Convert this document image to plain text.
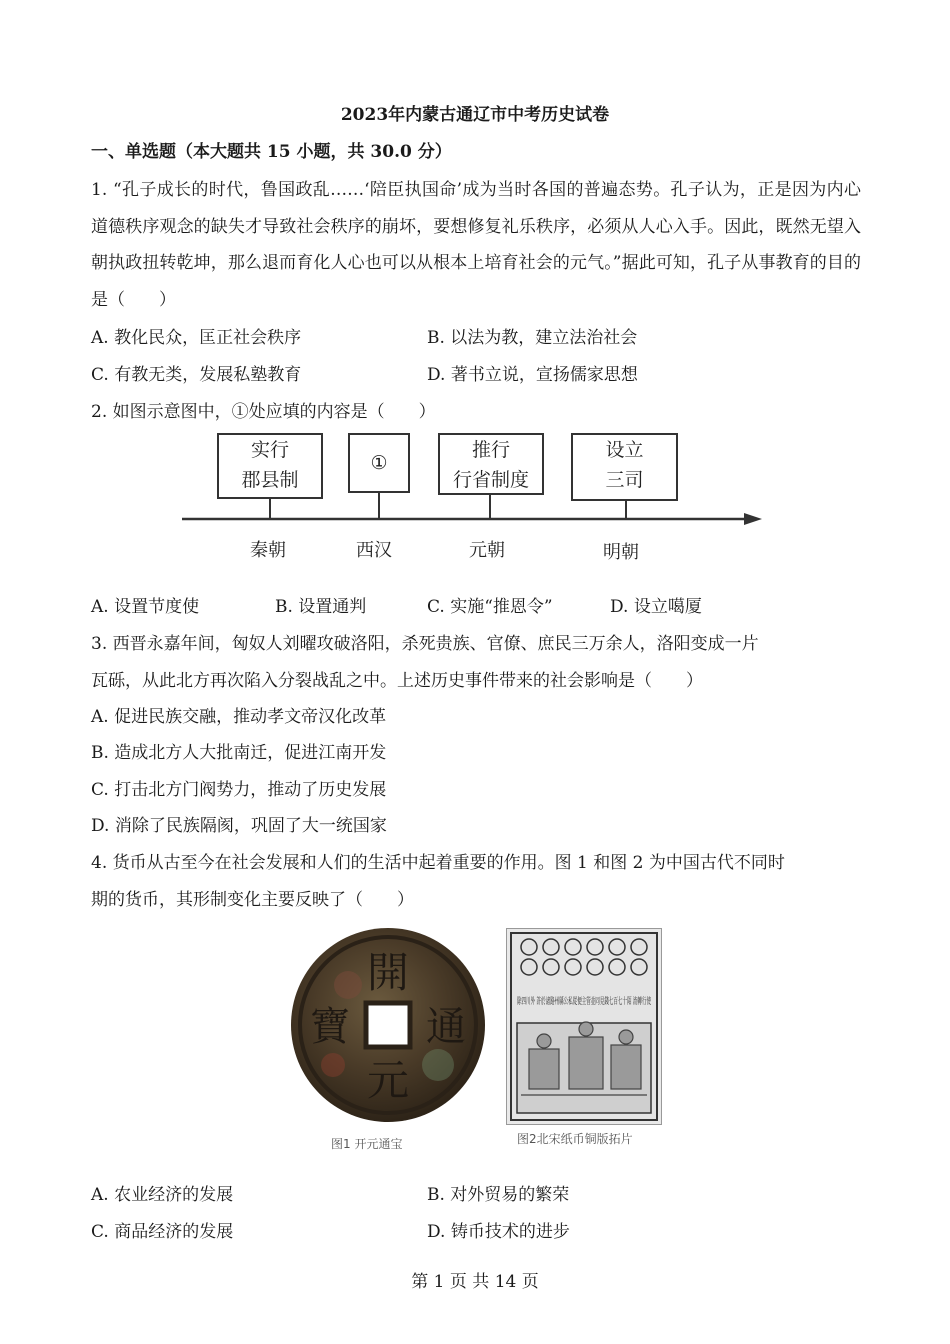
2023年内蒙古通辽市中考历史试卷
一、单选题（本大题共 15 小题，共 30.0 分）
1. “孔子成长的时代，鲁国政乱……‘陪臣执国命’成为当时各国的普遍态势。孔子认为，正是因为内心道德秩序观念的缺失才导致社会秩序的崩坏，要想修复礼乐秩序，必须从人心入手。因此，既然无望入朝执政扭转乾坤，那么退而育化人心也可以从根本上培育社会的元气。”据此可知，孔子从事教育的目的是（　　）
A. 教化民众，匡正社会秩序	B. 以法为教，建立法治社会
C. 有教无类，发展私塾教育	D. 著书立说，宣扬儒家思想
2. 如图示意图中，①处应填的内容是（　　）
实行
郡县制
①
推行
行省制度
设立
三司
秦朝	西汉	元朝	明朝
A. 设置节度使	B. 设置通判	C. 实施“推恩令”	D. 设立噶厦
3. 西晋永嘉年间，匈奴人刘曜攻破洛阳，杀死贵族、官僚、庶民三万余人，洛阳变成一片
瓦砾，从此北方再次陷入分裂战乱之中。上述历史事件带来的社会影响是（　　）
A. 促进民族交融，推动孝文帝汉化改革
B. 造成北方人大批南迁，促进江南开发
C. 打击北方门阀势力，推动了历史发展
D. 消除了民族隔阂，巩固了大一统国家
4. 货币从古至今在社会发展和人们的生活中起着重要的作用。图 1 和图 2 为中国古代不同时
期的货币，其形制变化主要反映了（　　）
開
元
寶 通
除四川外 許於諸路州縣公私從便主管並同見錢七百七十陌 流轉行使
图1 开元通宝	图2北宋纸币铜版拓片
A. 农业经济的发展	B. 对外贸易的繁荣
C. 商品经济的发展	D. 铸币技术的进步
第 1 页 共 14 页
